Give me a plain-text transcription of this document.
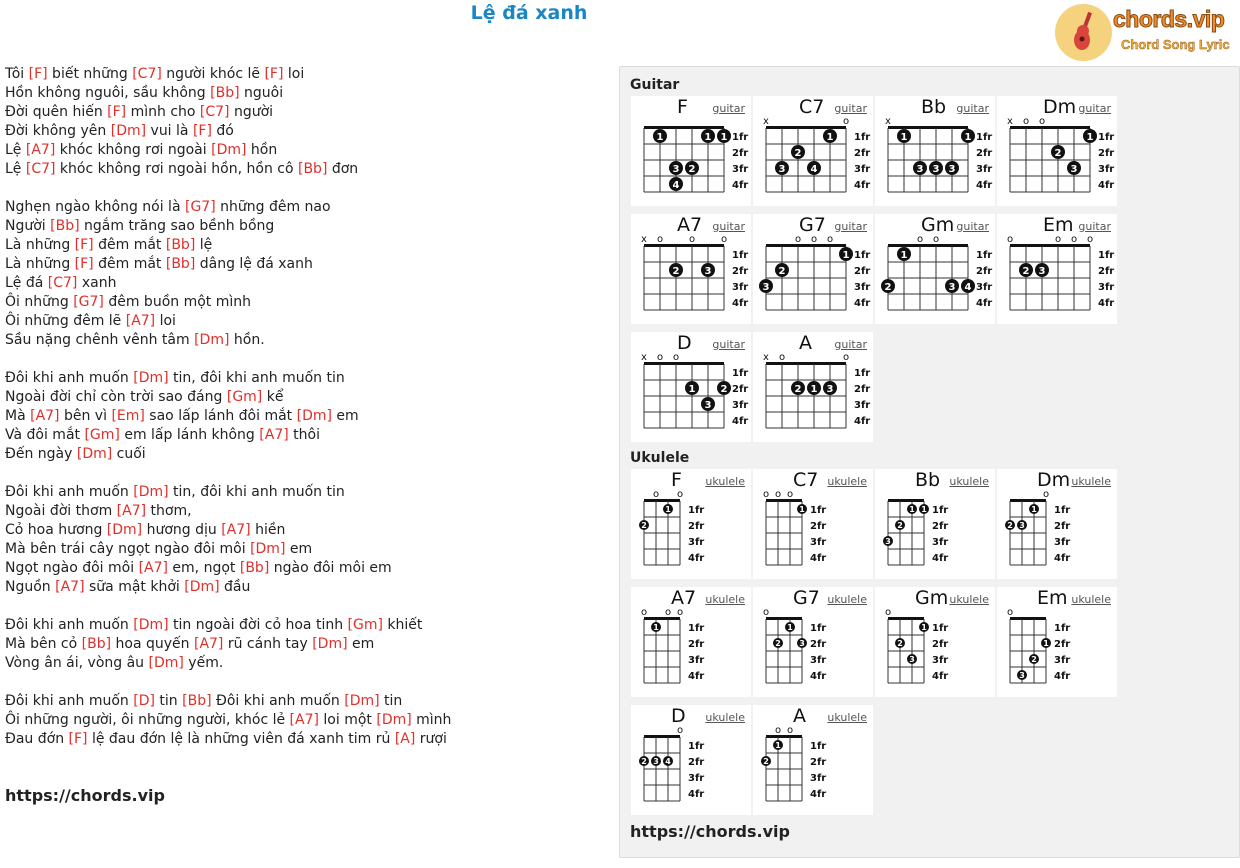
Lệ đá xanh	chords.vip
Chord Song Lyric
Tôi [F] biết những [C7] người khóc lẽ [F] loi
Hồn không nguôi, sầu không [Bb] nguôi
Đời quên hiến [F] mình cho [C7] người
Đời không yên [Dm] vui là [F] đó
Lệ [A7] khóc không rơi ngoài [Dm] hồn
Lệ [C7] khóc không rơi ngoài hồn, hồn cô [Bb] đơn
Nghẹn ngào không nói là [G7] những đêm nao
Người [Bb] ngắm trăng sao bềnh bồng
Là những [F] đêm mắt [Bb] lệ
Là những [F] đêm mắt [Bb] dâng lệ đá xanh
Lệ đá [C7] xanh
Ôi những [G7] đêm buồn một mình
Ôi những đêm lẽ [A7] loi
Sầu nặng chênh vênh tâm [Dm] hồn.
Đôi khi anh muốn [Dm] tin, đôi khi anh muốn tin
Ngoài đời chỉ còn trời sao đáng [Gm] kể
Mà [A7] bên vì [Em] sao lấp lánh đôi mắt [Dm] em
Và đôi mắt [Gm] em lấp lánh không [A7] thôi
Đến ngày [Dm] cuối
Đôi khi anh muốn [Dm] tin, đôi khi anh muốn tin
Ngoài đời thơm [A7] thơm,
Cỏ hoa hương [Dm] hương dịu [A7] hiền
Mà bên trái cây ngọt ngào đôi môi [Dm] em
Ngọt ngào đôi môi [A7] em, ngọt [Bb] ngào đôi môi em
Nguồn [A7] sữa mật khởi [Dm] đầu
Đôi khi anh muốn [Dm] tin ngoài đời cỏ hoa tinh [Gm] khiết
Mà bên cỏ [Bb] hoa quyến [A7] rũ cánh tay [Dm] em
Vòng ân ái, vòng âu [Dm] yếm.
Đôi khi anh muốn [D] tin [Bb] Đôi khi anh muốn [Dm] tin
Ôi những người, ôi những người, khóc lẻ [A7] loi một [Dm] mình
Đau đớn [F] lệ đau đớn lệ là những viên đá xanh tim rủ [A] rượi
https://chords.vip
Guitar
Ukulele
https://chords.vip
1fr
2fr
3fr
4fr
1
3
4
2
1 1
F guitar
1fr
2fr
3fr
4fr
x	o
3
2
4
1
C7 guitar
1fr
2fr
3fr
4fr
x
1
3 3 3
1
Bb guitar
1fr
2fr
3fr
4fr
x o o
2
3
1
Dm guitar
1fr
2fr
3fr
4fr
x o	o	o
2	3
A7 guitar
1fr
2fr
3fr
4fr
o o o
3
2
1
G7 guitar
1fr
2fr
3fr
4fr
o o
2
1
3 4
Gm guitar
1fr
2fr
3fr
4fr
o	o o o
2 3
Em guitar
1fr
2fr
3fr
4fr
x o o
1
3
2
D guitar
1fr
2fr
3fr
4fr
x o	o
2 1 3
A guitar
1fr
2fr
3fr
4fr
o o
2
1
F ukulele
1fr
2fr
3fr
4fr
o o o
1
C7 ukulele
1fr
2fr
3fr
4fr
3
2
1 1
Bb ukulele
1fr
2fr
3fr
4fr
o
2 3
1
Dm ukulele
1fr
2fr
3fr
4fr
o o o
1
A7 ukulele
1fr
2fr
3fr
4fr
o
2
1
3
G7 ukulele
1fr
2fr
3fr
4fr
o
2
3
1
Gm ukulele
1fr
2fr
3fr
4fr
o
3
2
1
Em ukulele
1fr
2fr
3fr
4fr
o
2 3 4
D ukulele
1fr
2fr
3fr
4fr
o o
2
1
A ukulele
